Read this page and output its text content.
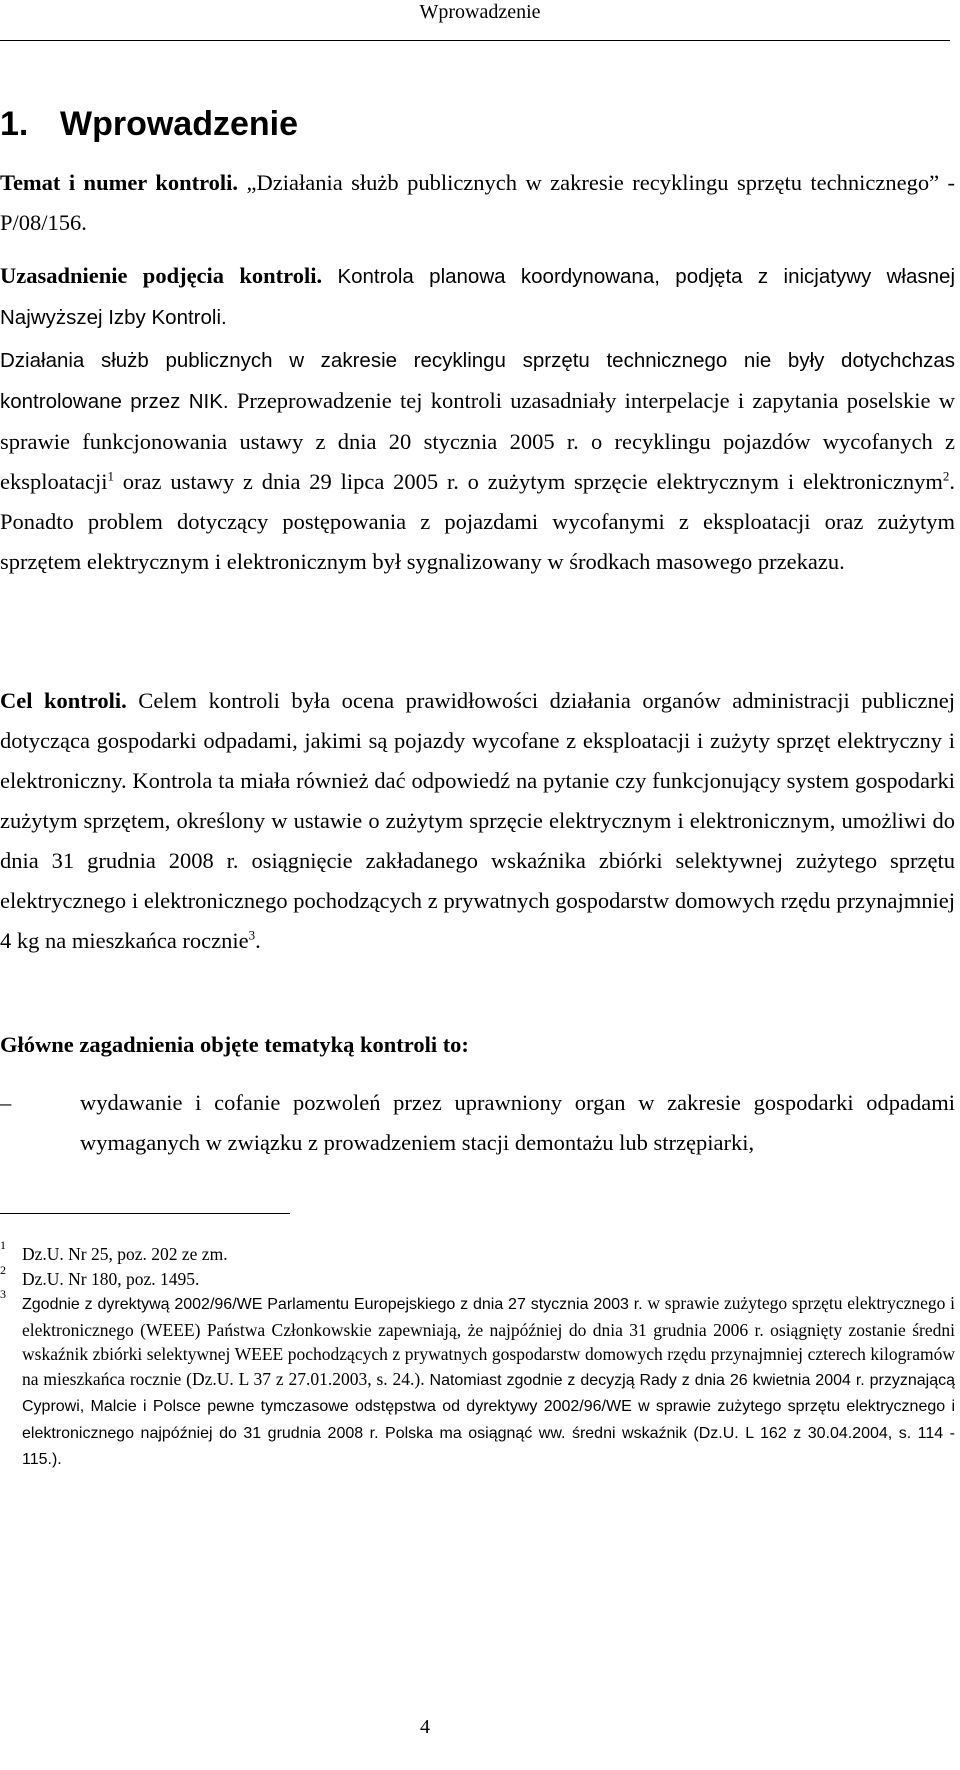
Wprowadzenie
1. Wprowadzenie

Temat i numer kontroli. „Działania służb publicznych w zakresie recyklingu sprzętu technicznego” - P/08/156.

Uzasadnienie podjęcia kontroli. Kontrola planowa koordynowana, podjęta z inicjatywy własnej Najwyższej Izby Kontroli.

Działania służb publicznych w zakresie recyklingu sprzętu technicznego nie były dotychchzas kontrolowane przez NIK. Przeprowadzenie tej kontroli uzasadniały interpelacje i zapytania poselskie w sprawie funkcjonowania ustawy z dnia 20 stycznia 2005 r. o recyklingu pojazdów wycofanych z eksploatacji$^1$ oraz ustawy z dnia 29 lipca 2005 r. o zużytym sprzęcie elektrycznym i elektronicznym$^2$. Ponadto problem dotyczący postępowania z pojazdami wycofanymi z eksploatacji oraz zużytym sprzętem elektrycznym i elektronicznym był sygnalizowany w środkach masowego przekazu.

Cel kontroli. Celem kontroli była ocena prawidłowości działania organów administracji publicznej dotycząca gospodarki odpadami, jakimi są pojazdy wycofane z eksploatacji i zużyty sprzęt elektryczny i elektroniczny. Kontrola ta miała również dać odpowiedź na pytanie czy funkcjonujący system gospodarki zużytym sprzętem, określony w ustawie o zużytym sprzęcie elektrycznym i elektronicznym, umożliwi do dnia 31 grudnia 2008 r. osiągnięcie zakładanego wskaźnika zbiórki selektywnej zużytego sprzętu elektrycznego i elektronicznego pochodzących z prywatnych gospodarstw domowych rzędu przynajmniej 4 kg na mieszkańca rocznie$^3$.

Główne zagadnienia objęte tematyką kontroli to:

–	wydawanie i cofanie pozwoleń przez uprawniony organ w zakresie gospodarki odpadami wymaganych w związku z prowadzeniem stacji demontażu lub strzępiarki,

1 Dz.U. Nr 25, poz. 202 ze zm.

2 Dz.U. Nr 180, poz. 1495.

3
Zgodnie z dyrektywą 2002/96/WE Parlamentu Europejskiego z dnia 27 stycznia 2003 r. w sprawie zużytego sprzętu elektrycznego i elektronicznego (WEEE) Państwa Członkowskie zapewniają, że najpóźniej do dnia 31 grudnia 2006 r. osiągnięty zostanie średni wskaźnik zbiórki selektywnej WEEE pochodzących z prywatnych gospodarstw domowych rzędu przynajmniej czterech kilogramów na mieszkańca rocznie (Dz.U. L 37 z 27.01.2003, s. 24.). Natomiast zgodnie z decyzją Rady z dnia 26 kwietnia 2004 r. przyznającą Cyprowi, Malcie i Polsce pewne tymczasowe odstępstwa od dyrektywy 2002/96/WE w sprawie zużytego sprzętu elektrycznego i elektronicznego najpóźniej do 31 grudnia 2008 r. Polska ma osiągnąć ww. średni wskaźnik (Dz.U. L 162 z 30.04.2004, s. 114 - 115.).

4
